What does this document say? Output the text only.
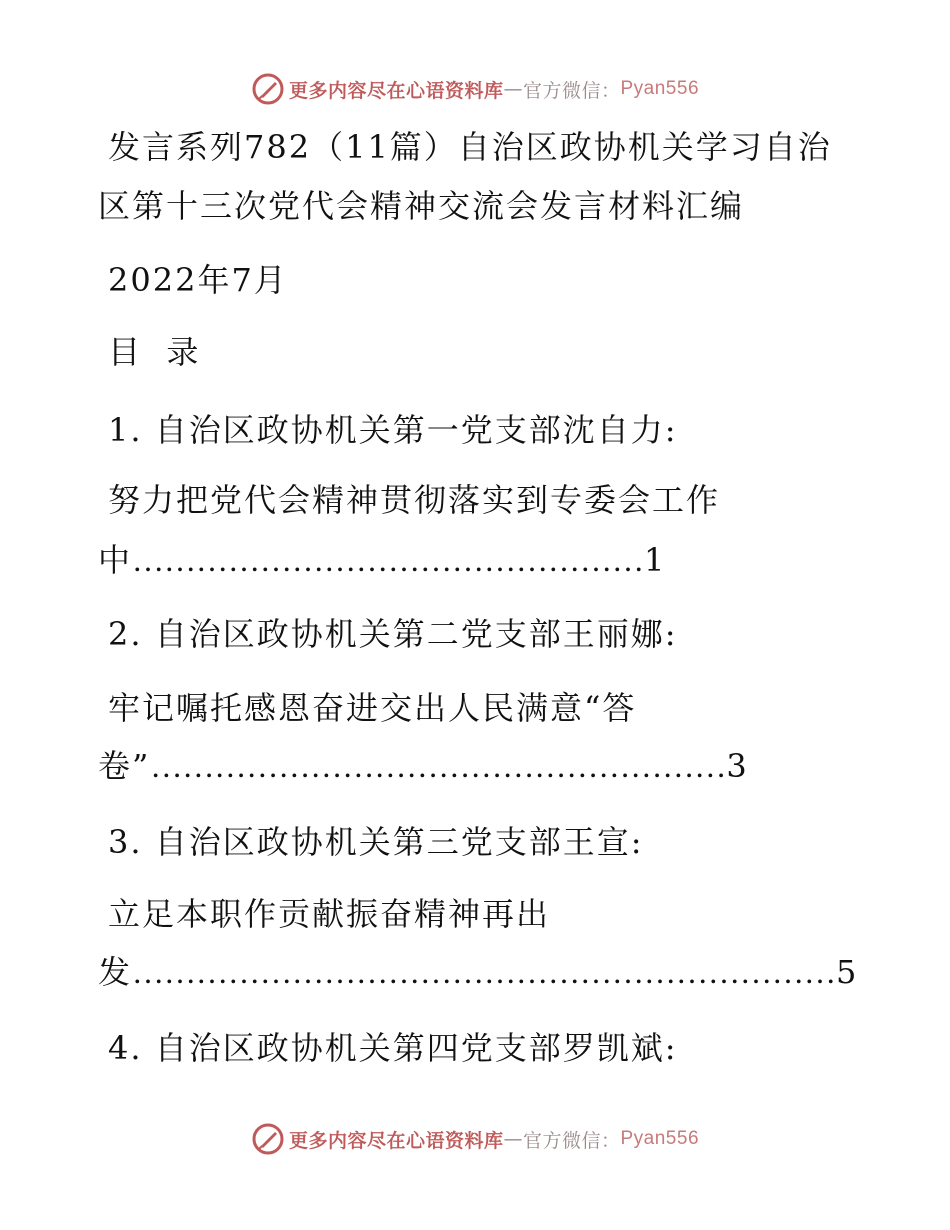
更多内容尽在心语资料库 — 官方微信： Pyan556
发言系列782（11篇）自治区政协机关学习自治
区第十三次党代会精神交流会发言材料汇编
2022年7月
目  录
1. 自治区政协机关第一党支部沈自力:
努力把党代会精神贯彻落实到专委会工作
中…………………………………………1
2. 自治区政协机关第二党支部王丽娜:
牢记嘱托感恩奋进交出人民满意“答
卷”………………………………………………3
3. 自治区政协机关第三党支部王宣:
立足本职作贡献振奋精神再出
发…………………………………………………………5
4. 自治区政协机关第四党支部罗凯斌:
更多内容尽在心语资料库 — 官方微信： Pyan556
